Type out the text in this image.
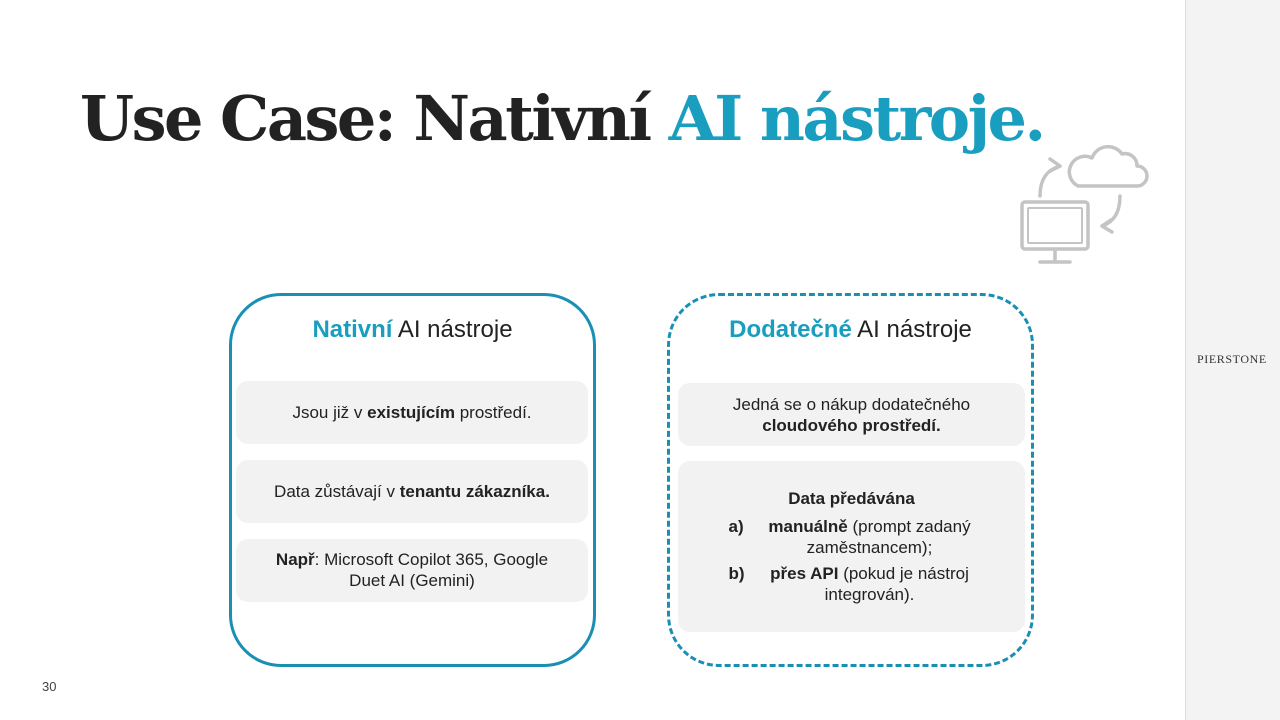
PIERSTONE
Use Case: Nativní AI nástroje.
Nativní AI nástroje

Jsou již v existujícím prostředí.

Data zůstávají v tenantu zákazníka.

Např: Microsoft Copilot 365, Google Duet AI (Gemini)

Dodatečné AI nástroje

Jedná se o nákup dodatečného cloudového prostředí.

Data předávána

a)	manuálně (prompt zadaný zaměstnancem);
b)	přes API (pokud je nástroj integrován).
30
